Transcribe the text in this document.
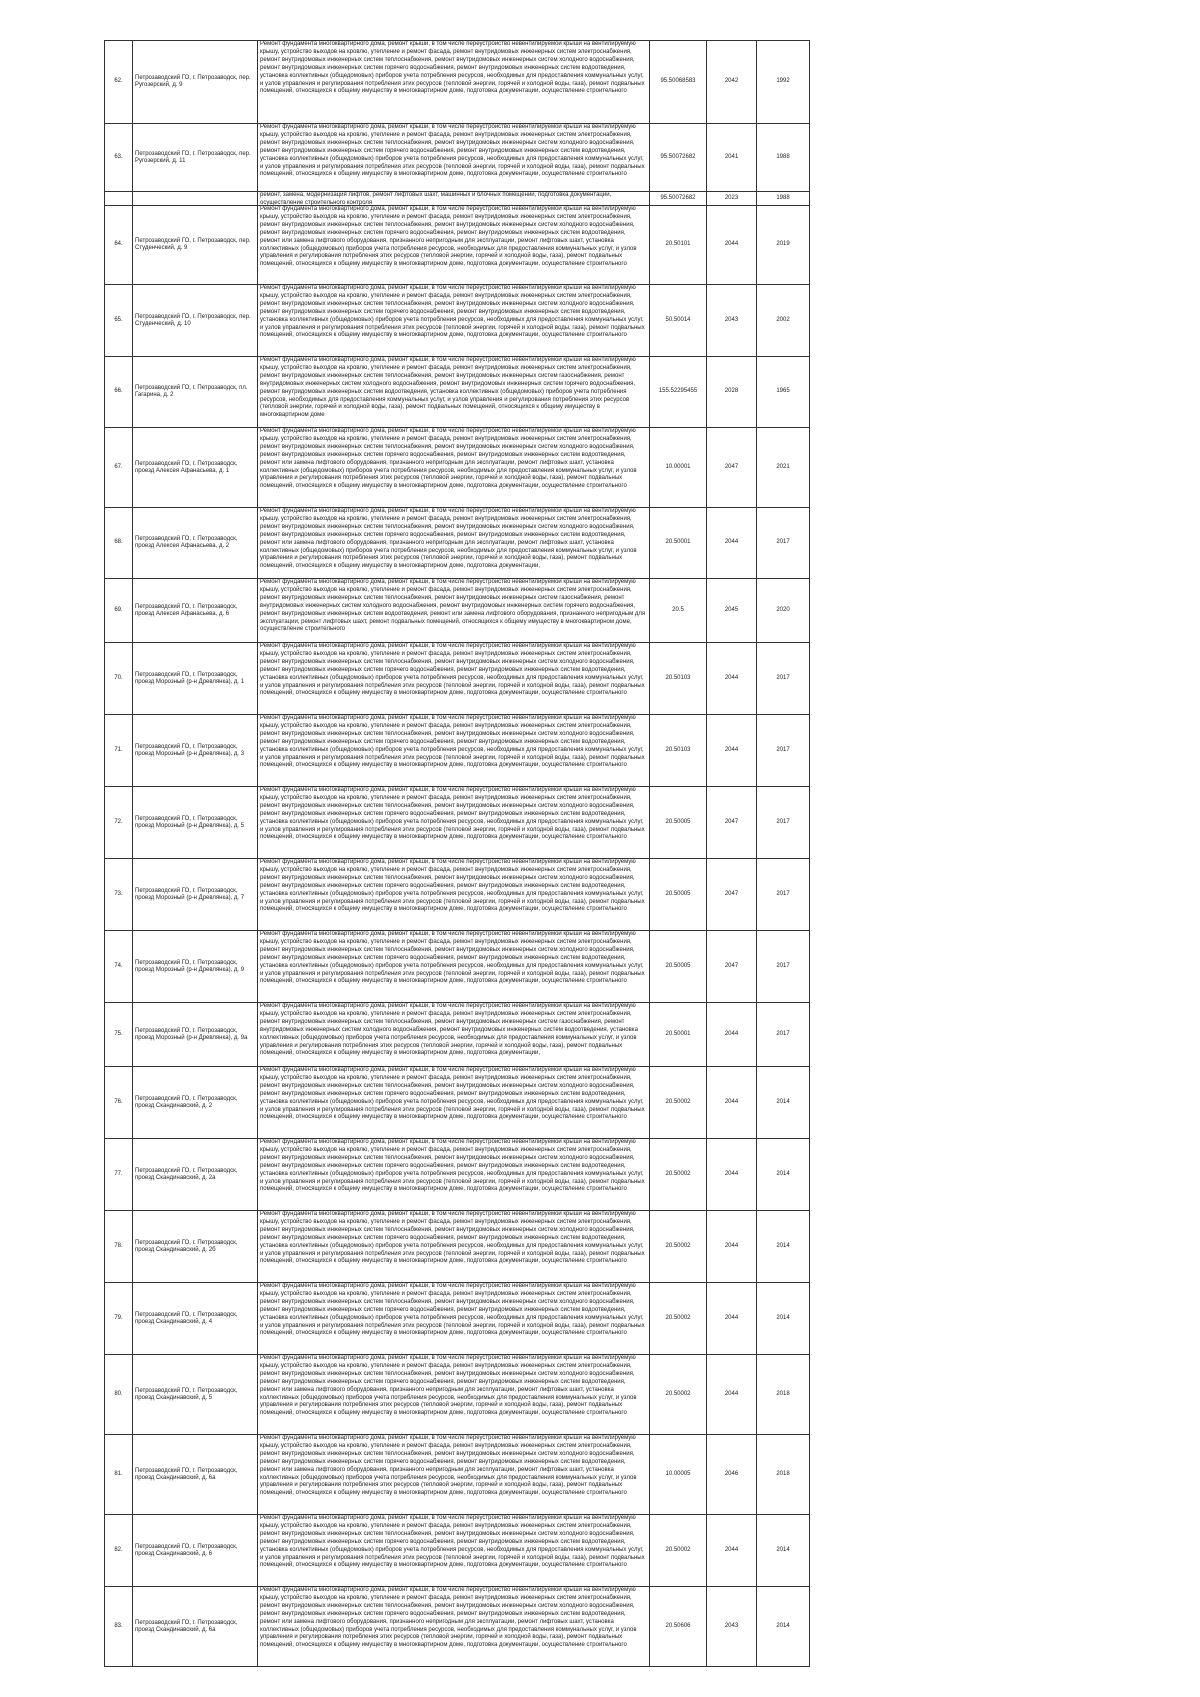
62.	Петрозаводский ГО, г. Петрозаводск, пер. Ругозерский, д. 9	Ремонт фундамента многоквартирного дома, ремонт крыши, в том числе переустройство невентилируемой крыши на вентилируемую крышу, устройство выходов на кровлю, утепление и ремонт фасада, ремонт внутридомовых инженерных систем электроснабжения, ремонт внутридомовых инженерных систем теплоснабжения, ремонт внутридомовых инженерных систем холодного водоснабжения, ремонт внутридомовых инженерных систем горячего водоснабжения, ремонт внутридомовых инженерных систем водоотведения, установка коллективных (общедомовых) приборов учета потребления ресурсов, необходимых для предоставления коммунальных услуг, и узлов управления и регулирования потребления этих ресурсов (тепловой энергии, горячей и холодной воды, газа), ремонт подвальных помещений, относящихся к общему имуществу в многоквартирном доме, подготовка документации, осуществление строительного	95.50068583	2042	1992
63.	Петрозаводский ГО, г. Петрозаводск, пер. Ругозерский, д. 11	Ремонт фундамента многоквартирного дома, ремонт крыши, в том числе переустройство невентилируемой крыши на вентилируемую крышу, устройство выходов на кровлю, утепление и ремонт фасада, ремонт внутридомовых инженерных систем электроснабжения, ремонт внутридомовых инженерных систем теплоснабжения, ремонт внутридомовых инженерных систем холодного водоснабжения, ремонт внутридомовых инженерных систем горячего водоснабжения, ремонт внутридомовых инженерных систем водоотведения, установка коллективных (общедомовых) приборов учета потребления ресурсов, необходимых для предоставления коммунальных услуг, и узлов управления и регулирования потребления этих ресурсов (тепловой энергии, горячей и холодной воды, газа), ремонт подвальных помещений, относящихся к общему имуществу в многоквартирном доме, подготовка документации, осуществление строительного	95.50072682	2041	1988

		ремонт, замена, модернизация лифтов, ремонт лифтовых шахт, машинных и блочных помещений, подготовка документации, осуществление строительного контроля	95.50072682	2023	1988
64.	Петрозаводский ГО, г. Петрозаводск, пер. Студенческий, д. 9	Ремонт фундамента многоквартирного дома, ремонт крыши, в том числе переустройство невентилируемой крыши на вентилируемую крышу, устройство выходов на кровлю, утепление и ремонт фасада, ремонт внутридомовых инженерных систем электроснабжения, ремонт внутридомовых инженерных систем теплоснабжения, ремонт внутридомовых инженерных систем холодного водоснабжения, ремонт внутридомовых инженерных систем горячего водоснабжения, ремонт внутридомовых инженерных систем водоотведения, ремонт или замена лифтового оборудования, признанного непригодным для эксплуатации, ремонт лифтовых шахт, установка коллективных (общедомовых) приборов учета потребления ресурсов, необходимых для предоставления коммунальных услуг, и узлов управления и регулирования потребления этих ресурсов (тепловой энергии, горячей и холодной воды, газа), ремонт подвальных помещений, относящихся к общему имуществу в многоквартирном доме, подготовка документации, осуществление строительного	20.50101	2044	2019
65.	Петрозаводский ГО, г. Петрозаводск, пер. Студенческий, д. 10	Ремонт фундамента многоквартирного дома, ремонт крыши, в том числе переустройство невентилируемой крыши на вентилируемую крышу, устройство выходов на кровлю, утепление и ремонт фасада, ремонт внутридомовых инженерных систем электроснабжения, ремонт внутридомовых инженерных систем теплоснабжения, ремонт внутридомовых инженерных систем холодного водоснабжения, ремонт внутридомовых инженерных систем горячего водоснабжения, ремонт внутридомовых инженерных систем водоотведения, установка коллективных (общедомовых) приборов учета потребления ресурсов, необходимых для предоставления коммунальных услуг, и узлов управления и регулирования потребления этих ресурсов (тепловой энергии, горячей и холодной воды, газа), ремонт подвальных помещений, относящихся к общему имуществу в многоквартирном доме, подготовка документации, осуществление строительного	50.50014	2043	2002
66.	Петрозаводский ГО, г. Петрозаводск, пл. Гагарина, д. 2	Ремонт фундамента многоквартирного дома, ремонт крыши, в том числе переустройство невентилируемой крыши на вентилируемую крышу, устройство выходов на кровлю, утепление и ремонт фасада, ремонт внутридомовых инженерных систем электроснабжения, ремонт внутридомовых инженерных систем теплоснабжения, ремонт внутридомовых инженерных систем газоснабжения, ремонт внутридомовых инженерных систем холодного водоснабжения, ремонт внутридомовых инженерных систем горячего водоснабжения, ремонт внутридомовых инженерных систем водоотведения, установка коллективных (общедомовых) приборов учета потребления ресурсов, необходимых для предоставления коммунальных услуг, и узлов управления и регулирования потребления этих ресурсов (тепловой энергии, горячей и холодной воды, газа), ремонт подвальных помещений, относящихся к общему имуществу в многоквартирном доме	155.52295455	2028	1965
67.	Петрозаводский ГО, г. Петрозаводск, проезд Алексея Афанасьева, д. 1	Ремонт фундамента многоквартирного дома, ремонт крыши, в том числе переустройство невентилируемой крыши на вентилируемую крышу, устройство выходов на кровлю, утепление и ремонт фасада, ремонт внутридомовых инженерных систем электроснабжения, ремонт внутридомовых инженерных систем теплоснабжения, ремонт внутридомовых инженерных систем холодного водоснабжения, ремонт внутридомовых инженерных систем горячего водоснабжения, ремонт внутридомовых инженерных систем водоотведения, ремонт или замена лифтового оборудования, признанного непригодным для эксплуатации, ремонт лифтовых шахт, установка коллективных (общедомовых) приборов учета потребления ресурсов, необходимых для предоставления коммунальных услуг, и узлов управления и регулирования потребления этих ресурсов (тепловой энергии, горячей и холодной воды, газа), ремонт подвальных помещений, относящихся к общему имуществу в многоквартирном доме, подготовка документации, осуществление строительного	10.00001	2047	2021
68.	Петрозаводский ГО, г. Петрозаводск, проезд Алексея Афанасьева, д. 2	Ремонт фундамента многоквартирного дома, ремонт крыши, в том числе переустройство невентилируемой крыши на вентилируемую крышу, устройство выходов на кровлю, утепление и ремонт фасада, ремонт внутридомовых инженерных систем электроснабжения, ремонт внутридомовых инженерных систем теплоснабжения, ремонт внутридомовых инженерных систем холодного водоснабжения, ремонт внутридомовых инженерных систем горячего водоснабжения, ремонт внутридомовых инженерных систем водоотведения, ремонт или замена лифтового оборудования, признанного непригодным для эксплуатации, ремонт лифтовых шахт, установка коллективных (общедомовых) приборов учета потребления ресурсов, необходимых для предоставления коммунальных услуг, и узлов управления и регулирования потребления этих ресурсов (тепловой энергии, горячей и холодной воды, газа), ремонт подвальных помещений, относящихся к общему имуществу в многоквартирном доме, подготовка документации,	20.50001	2044	2017
69.	Петрозаводский ГО, г. Петрозаводск, проезд Алексея Афанасьева, д. 6	Ремонт фундамента многоквартирного дома, ремонт крыши, в том числе переустройство невентилируемой крыши на вентилируемую крышу, устройство выходов на кровлю, утепление и ремонт фасада, ремонт внутридомовых инженерных систем электроснабжения, ремонт внутридомовых инженерных систем теплоснабжения, ремонт внутридомовых инженерных систем газоснабжения, ремонт внутридомовых инженерных систем холодного водоснабжения, ремонт внутридомовых инженерных систем горячего водоснабжения, ремонт внутридомовых инженерных систем водоотведения, ремонт или замена лифтового оборудования, признанного непригодным для эксплуатации, ремонт лифтовых шахт, ремонт подвальных помещений, относящихся к общему имуществу в многоквартирном доме, осуществление строительного	20.5	2045	2020
70.	Петрозаводский ГО, г. Петрозаводск, проезд Морозный (р-н Древлянка), д. 1	Ремонт фундамента многоквартирного дома, ремонт крыши, в том числе переустройство невентилируемой крыши на вентилируемую крышу, устройство выходов на кровлю, утепление и ремонт фасада, ремонт внутридомовых инженерных систем электроснабжения, ремонт внутридомовых инженерных систем теплоснабжения, ремонт внутридомовых инженерных систем холодного водоснабжения, ремонт внутридомовых инженерных систем горячего водоснабжения, ремонт внутридомовых инженерных систем водоотведения, установка коллективных (общедомовых) приборов учета потребления ресурсов, необходимых для предоставления коммунальных услуг, и узлов управления и регулирования потребления этих ресурсов (тепловой энергии, горячей и холодной воды, газа), ремонт подвальных помещений, относящихся к общему имуществу в многоквартирном доме, подготовка документации, осуществление строительного	20.50103	2044	2017
71.	Петрозаводский ГО, г. Петрозаводск, проезд Морозный (р-н Древлянка), д. 3	Ремонт фундамента многоквартирного дома, ремонт крыши, в том числе переустройство невентилируемой крыши на вентилируемую крышу, устройство выходов на кровлю, утепление и ремонт фасада, ремонт внутридомовых инженерных систем электроснабжения, ремонт внутридомовых инженерных систем теплоснабжения, ремонт внутридомовых инженерных систем холодного водоснабжения, ремонт внутридомовых инженерных систем горячего водоснабжения, ремонт внутридомовых инженерных систем водоотведения, установка коллективных (общедомовых) приборов учета потребления ресурсов, необходимых для предоставления коммунальных услуг, и узлов управления и регулирования потребления этих ресурсов (тепловой энергии, горячей и холодной воды, газа), ремонт подвальных помещений, относящихся к общему имуществу в многоквартирном доме, подготовка документации, осуществление строительного	20.50103	2044	2017
72.	Петрозаводский ГО, г. Петрозаводск, проезд Морозный (р-н Древлянка), д. 5	Ремонт фундамента многоквартирного дома, ремонт крыши, в том числе переустройство невентилируемой крыши на вентилируемую крышу, устройство выходов на кровлю, утепление и ремонт фасада, ремонт внутридомовых инженерных систем электроснабжения, ремонт внутридомовых инженерных систем теплоснабжения, ремонт внутридомовых инженерных систем холодного водоснабжения, ремонт внутридомовых инженерных систем горячего водоснабжения, ремонт внутридомовых инженерных систем водоотведения, установка коллективных (общедомовых) приборов учета потребления ресурсов, необходимых для предоставления коммунальных услуг, и узлов управления и регулирования потребления этих ресурсов (тепловой энергии, горячей и холодной воды, газа), ремонт подвальных помещений, относящихся к общему имуществу в многоквартирном доме, подготовка документации, осуществление строительного	20.50005	2047	2017
73.	Петрозаводский ГО, г. Петрозаводск, проезд Морозный (р-н Древлянка), д. 7	Ремонт фундамента многоквартирного дома, ремонт крыши, в том числе переустройство невентилируемой крыши на вентилируемую крышу, устройство выходов на кровлю, утепление и ремонт фасада, ремонт внутридомовых инженерных систем электроснабжения, ремонт внутридомовых инженерных систем теплоснабжения, ремонт внутридомовых инженерных систем холодного водоснабжения, ремонт внутридомовых инженерных систем горячего водоснабжения, ремонт внутридомовых инженерных систем водоотведения, установка коллективных (общедомовых) приборов учета потребления ресурсов, необходимых для предоставления коммунальных услуг, и узлов управления и регулирования потребления этих ресурсов (тепловой энергии, горячей и холодной воды, газа), ремонт подвальных помещений, относящихся к общему имуществу в многоквартирном доме, подготовка документации, осуществление строительного	20.50005	2047	2017
74.	Петрозаводский ГО, г. Петрозаводск, проезд Морозный (р-н Древлянка), д. 9	Ремонт фундамента многоквартирного дома, ремонт крыши, в том числе переустройство невентилируемой крыши на вентилируемую крышу, устройство выходов на кровлю, утепление и ремонт фасада, ремонт внутридомовых инженерных систем электроснабжения, ремонт внутридомовых инженерных систем теплоснабжения, ремонт внутридомовых инженерных систем холодного водоснабжения, ремонт внутридомовых инженерных систем горячего водоснабжения, ремонт внутридомовых инженерных систем водоотведения, установка коллективных (общедомовых) приборов учета потребления ресурсов, необходимых для предоставления коммунальных услуг, и узлов управления и регулирования потребления этих ресурсов (тепловой энергии, горячей и холодной воды, газа), ремонт подвальных помещений, относящихся к общему имуществу в многоквартирном доме, подготовка документации, осуществление строительного	20.50005	2047	2017
75.	Петрозаводский ГО, г. Петрозаводск, проезд Морозный (р-н Древлянка), д. 9а	Ремонт фундамента многоквартирного дома, ремонт крыши, в том числе переустройство невентилируемой крыши на вентилируемую крышу, устройство выходов на кровлю, утепление и ремонт фасада, ремонт внутридомовых инженерных систем электроснабжения, ремонт внутридомовых инженерных систем теплоснабжения, ремонт внутридомовых инженерных систем газоснабжения, ремонт внутридомовых инженерных систем холодного водоснабжения, ремонт внутридомовых инженерных систем водоотведения, установка коллективных (общедомовых) приборов учета потребления ресурсов, необходимых для предоставления коммунальных услуг, и узлов управления и регулирования потребления этих ресурсов (тепловой энергии, горячей и холодной воды, газа), ремонт подвальных помещений, относящихся к общему имуществу в многоквартирном доме, подготовка документации,	20.50001	2044	2017
76.	Петрозаводский ГО, г. Петрозаводск, проезд Скандинавский, д. 2	Ремонт фундамента многоквартирного дома, ремонт крыши, в том числе переустройство невентилируемой крыши на вентилируемую крышу, устройство выходов на кровлю, утепление и ремонт фасада, ремонт внутридомовых инженерных систем электроснабжения, ремонт внутридомовых инженерных систем теплоснабжения, ремонт внутридомовых инженерных систем холодного водоснабжения, ремонт внутридомовых инженерных систем горячего водоснабжения, ремонт внутридомовых инженерных систем водоотведения, установка коллективных (общедомовых) приборов учета потребления ресурсов, необходимых для предоставления коммунальных услуг, и узлов управления и регулирования потребления этих ресурсов (тепловой энергии, горячей и холодной воды, газа), ремонт подвальных помещений, относящихся к общему имуществу в многоквартирном доме, подготовка документации, осуществление строительного	20.50002	2044	2014
77.	Петрозаводский ГО, г. Петрозаводск, проезд Скандинавский, д. 2а	Ремонт фундамента многоквартирного дома, ремонт крыши, в том числе переустройство невентилируемой крыши на вентилируемую крышу, устройство выходов на кровлю, утепление и ремонт фасада, ремонт внутридомовых инженерных систем электроснабжения, ремонт внутридомовых инженерных систем теплоснабжения, ремонт внутридомовых инженерных систем холодного водоснабжения, ремонт внутридомовых инженерных систем горячего водоснабжения, ремонт внутридомовых инженерных систем водоотведения, установка коллективных (общедомовых) приборов учета потребления ресурсов, необходимых для предоставления коммунальных услуг, и узлов управления и регулирования потребления этих ресурсов (тепловой энергии, горячей и холодной воды, газа), ремонт подвальных помещений, относящихся к общему имуществу в многоквартирном доме, подготовка документации, осуществление строительного	20.50002	2044	2014
78.	Петрозаводский ГО, г. Петрозаводск, проезд Скандинавский, д. 2б	Ремонт фундамента многоквартирного дома, ремонт крыши, в том числе переустройство невентилируемой крыши на вентилируемую крышу, устройство выходов на кровлю, утепление и ремонт фасада, ремонт внутридомовых инженерных систем электроснабжения, ремонт внутридомовых инженерных систем теплоснабжения, ремонт внутридомовых инженерных систем холодного водоснабжения, ремонт внутридомовых инженерных систем горячего водоснабжения, ремонт внутридомовых инженерных систем водоотведения, установка коллективных (общедомовых) приборов учета потребления ресурсов, необходимых для предоставления коммунальных услуг, и узлов управления и регулирования потребления этих ресурсов (тепловой энергии, горячей и холодной воды, газа), ремонт подвальных помещений, относящихся к общему имуществу в многоквартирном доме, подготовка документации, осуществление строительного	20.50002	2044	2014
79.	Петрозаводский ГО, г. Петрозаводск, проезд Скандинавский, д. 4	Ремонт фундамента многоквартирного дома, ремонт крыши, в том числе переустройство невентилируемой крыши на вентилируемую крышу, устройство выходов на кровлю, утепление и ремонт фасада, ремонт внутридомовых инженерных систем электроснабжения, ремонт внутридомовых инженерных систем теплоснабжения, ремонт внутридомовых инженерных систем холодного водоснабжения, ремонт внутридомовых инженерных систем горячего водоснабжения, ремонт внутридомовых инженерных систем водоотведения, установка коллективных (общедомовых) приборов учета потребления ресурсов, необходимых для предоставления коммунальных услуг, и узлов управления и регулирования потребления этих ресурсов (тепловой энергии, горячей и холодной воды, газа), ремонт подвальных помещений, относящихся к общему имуществу в многоквартирном доме, подготовка документации, осуществление строительного	20.50002	2044	2014
80.	Петрозаводский ГО, г. Петрозаводск, проезд Скандинавский, д. 5	Ремонт фундамента многоквартирного дома, ремонт крыши, в том числе переустройство невентилируемой крыши на вентилируемую крышу, устройство выходов на кровлю, утепление и ремонт фасада, ремонт внутридомовых инженерных систем электроснабжения, ремонт внутридомовых инженерных систем теплоснабжения, ремонт внутридомовых инженерных систем холодного водоснабжения, ремонт внутридомовых инженерных систем горячего водоснабжения, ремонт внутридомовых инженерных систем водоотведения, ремонт или замена лифтового оборудования, признанного непригодным для эксплуатации, ремонт лифтовых шахт, установка коллективных (общедомовых) приборов учета потребления ресурсов, необходимых для предоставления коммунальных услуг, и узлов управления и регулирования потребления этих ресурсов (тепловой энергии, горячей и холодной воды, газа), ремонт подвальных помещений, относящихся к общему имуществу в многоквартирном доме, подготовка документации, осуществление строительного	20.50002	2044	2018
81.	Петрозаводский ГО, г. Петрозаводск, проезд Скандинавский, д. 6а	Ремонт фундамента многоквартирного дома, ремонт крыши, в том числе переустройство невентилируемой крыши на вентилируемую крышу, устройство выходов на кровлю, утепление и ремонт фасада, ремонт внутридомовых инженерных систем электроснабжения, ремонт внутридомовых инженерных систем теплоснабжения, ремонт внутридомовых инженерных систем холодного водоснабжения, ремонт внутридомовых инженерных систем горячего водоснабжения, ремонт внутридомовых инженерных систем водоотведения, ремонт или замена лифтового оборудования, признанного непригодным для эксплуатации, ремонт лифтовых шахт, установка коллективных (общедомовых) приборов учета потребления ресурсов, необходимых для предоставления коммунальных услуг, и узлов управления и регулирования потребления этих ресурсов (тепловой энергии, горячей и холодной воды, газа), ремонт подвальных помещений, относящихся к общему имуществу в многоквартирном доме, подготовка документации, осуществление строительного	10.00005	2046	2018
82.	Петрозаводский ГО, г. Петрозаводск, проезд Скандинавский, д. 6	Ремонт фундамента многоквартирного дома, ремонт крыши, в том числе переустройство невентилируемой крыши на вентилируемую крышу, устройство выходов на кровлю, утепление и ремонт фасада, ремонт внутридомовых инженерных систем электроснабжения, ремонт внутридомовых инженерных систем теплоснабжения, ремонт внутридомовых инженерных систем холодного водоснабжения, ремонт внутридомовых инженерных систем горячего водоснабжения, ремонт внутридомовых инженерных систем водоотведения, установка коллективных (общедомовых) приборов учета потребления ресурсов, необходимых для предоставления коммунальных услуг, и узлов управления и регулирования потребления этих ресурсов (тепловой энергии, горячей и холодной воды, газа), ремонт подвальных помещений, относящихся к общему имуществу в многоквартирном доме, подготовка документации, осуществление строительного	20.50002	2044	2014
83.	Петрозаводский ГО, г. Петрозаводск, проезд Скандинавский, д. 6а	Ремонт фундамента многоквартирного дома, ремонт крыши, в том числе переустройство невентилируемой крыши на вентилируемую крышу, устройство выходов на кровлю, утепление и ремонт фасада, ремонт внутридомовых инженерных систем электроснабжения, ремонт внутридомовых инженерных систем теплоснабжения, ремонт внутридомовых инженерных систем холодного водоснабжения, ремонт внутридомовых инженерных систем горячего водоснабжения, ремонт внутридомовых инженерных систем водоотведения, ремонт или замена лифтового оборудования, признанного непригодным для эксплуатации, ремонт лифтовых шахт, установка коллективных (общедомовых) приборов учета потребления ресурсов, необходимых для предоставления коммунальных услуг, и узлов управления и регулирования потребления этих ресурсов (тепловой энергии, горячей и холодной воды, газа), ремонт подвальных помещений, относящихся к общему имуществу в многоквартирном доме, подготовка документации, осуществление строительного	20.50606	2043	2014
